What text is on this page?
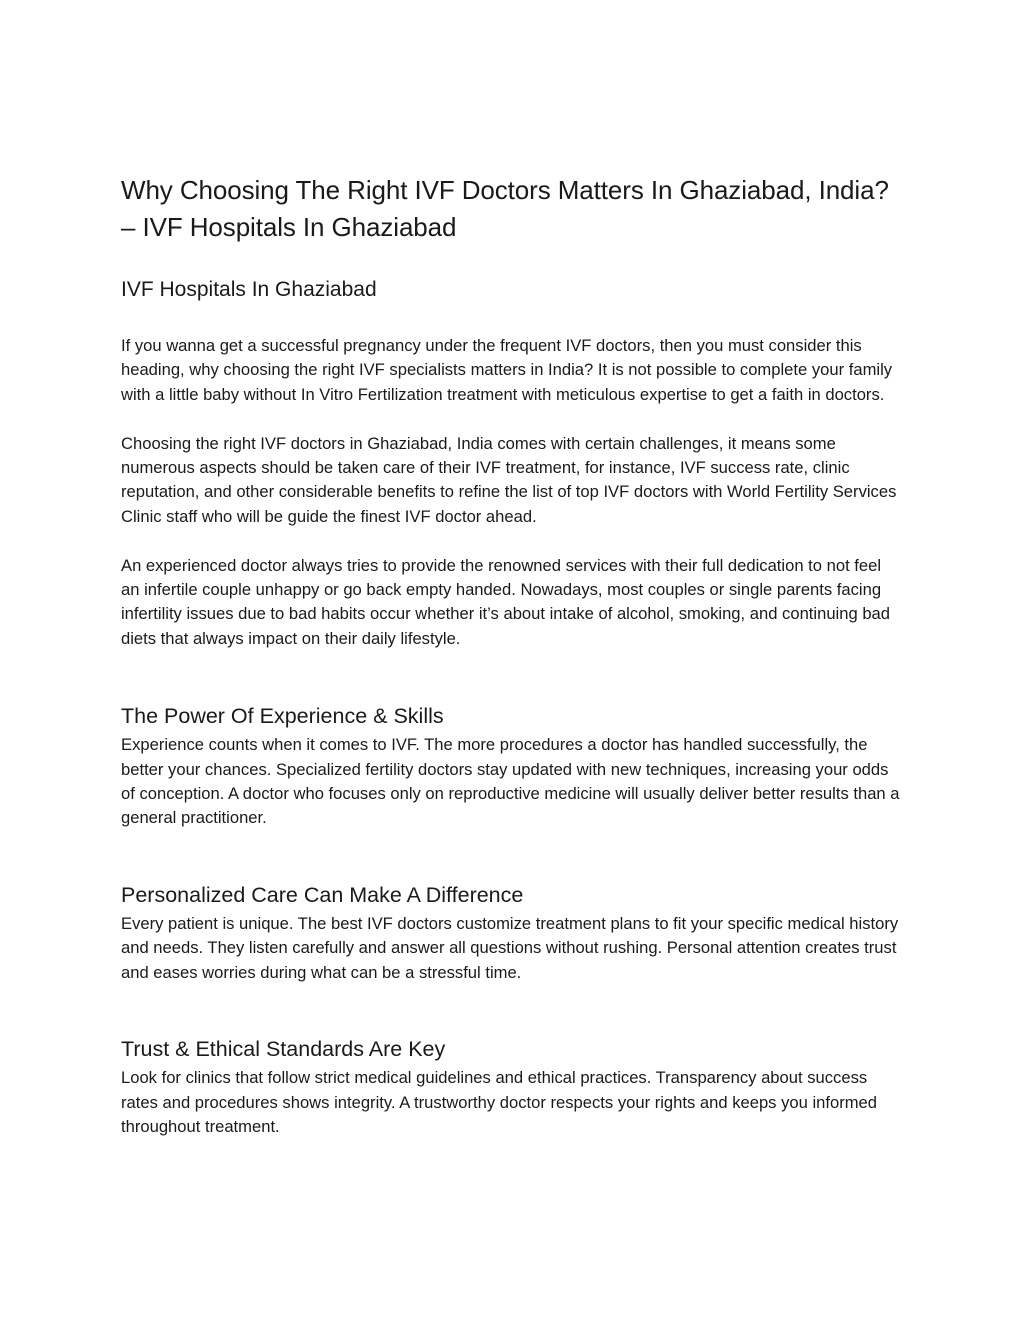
Why Choosing The Right IVF Doctors Matters In Ghaziabad, India? – IVF Hospitals In Ghaziabad
IVF Hospitals In Ghaziabad

If you wanna get a successful pregnancy under the frequent IVF doctors, then you must consider this heading, why choosing the right IVF specialists matters in India? It is not possible to complete your family with a little baby without In Vitro Fertilization treatment with meticulous expertise to get a faith in doctors.

Choosing the right IVF doctors in Ghaziabad, India comes with certain challenges, it means some numerous aspects should be taken care of their IVF treatment, for instance, IVF success rate, clinic reputation, and other considerable benefits to refine the list of top IVF doctors with World Fertility Services Clinic staff who will be guide the finest IVF doctor ahead.

An experienced doctor always tries to provide the renowned services with their full dedication to not feel an infertile couple unhappy or go back empty handed. Nowadays, most couples or single parents facing infertility issues due to bad habits occur whether it’s about intake of alcohol, smoking, and continuing bad diets that always impact on their daily lifestyle.

The Power Of Experience & Skills

Experience counts when it comes to IVF. The more procedures a doctor has handled successfully, the better your chances. Specialized fertility doctors stay updated with new techniques, increasing your odds of conception. A doctor who focuses only on reproductive medicine will usually deliver better results than a general practitioner.

Personalized Care Can Make A Difference

Every patient is unique. The best IVF doctors customize treatment plans to fit your specific medical history and needs. They listen carefully and answer all questions without rushing. Personal attention creates trust and eases worries during what can be a stressful time.

Trust & Ethical Standards Are Key

Look for clinics that follow strict medical guidelines and ethical practices. Transparency about success rates and procedures shows integrity. A trustworthy doctor respects your rights and keeps you informed throughout treatment.
